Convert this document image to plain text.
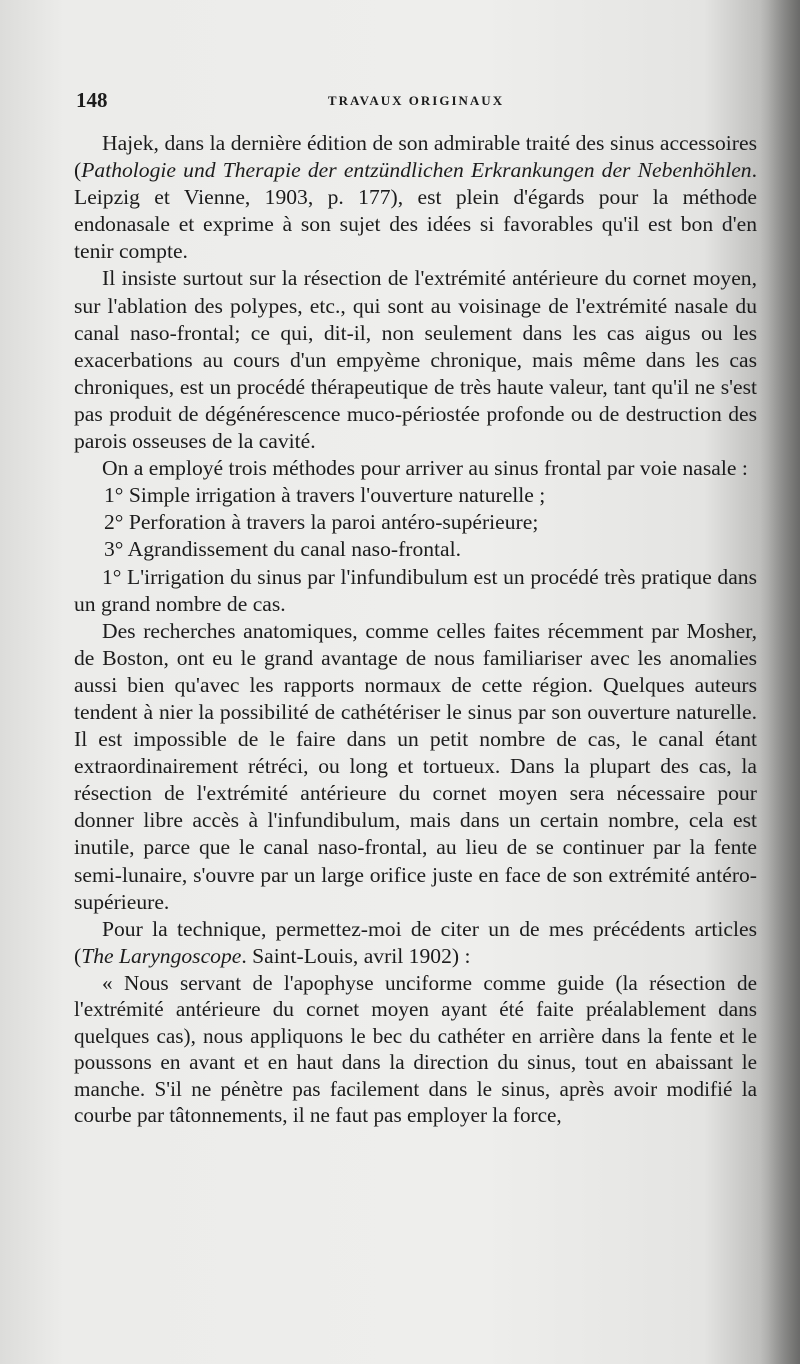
148	TRAVAUX ORIGINAUX

Hajek, dans la dernière édition de son admirable traité des sinus accessoires (Pathologie und Therapie der entzündlichen Erkrankungen der Nebenhöhlen. Leipzig et Vienne, 1903, p. 177), est plein d'égards pour la méthode endonasale et exprime à son sujet des idées si favorables qu'il est bon d'en tenir compte.

Il insiste surtout sur la résection de l'extrémité antérieure du cornet moyen, sur l'ablation des polypes, etc., qui sont au voisinage de l'extrémité nasale du canal naso-frontal; ce qui, dit-il, non seulement dans les cas aigus ou les exacerbations au cours d'un empyème chronique, mais même dans les cas chroniques, est un procédé thérapeutique de très haute valeur, tant qu'il ne s'est pas produit de dégénérescence muco-périostée profonde ou de destruction des parois osseuses de la cavité.

On a employé trois méthodes pour arriver au sinus frontal par voie nasale :

1° Simple irrigation à travers l'ouverture naturelle ;

2° Perforation à travers la paroi antéro-supérieure;

3° Agrandissement du canal naso-frontal.

1° L'irrigation du sinus par l'infundibulum est un procédé très pratique dans un grand nombre de cas.

Des recherches anatomiques, comme celles faites récemment par Mosher, de Boston, ont eu le grand avantage de nous familiariser avec les anomalies aussi bien qu'avec les rapports normaux de cette région. Quelques auteurs tendent à nier la possibilité de cathétériser le sinus par son ouverture naturelle. Il est impossible de le faire dans un petit nombre de cas, le canal étant extraordinairement rétréci, ou long et tortueux. Dans la plupart des cas, la résection de l'extrémité antérieure du cornet moyen sera nécessaire pour donner libre accès à l'infundibulum, mais dans un certain nombre, cela est inutile, parce que le canal naso-frontal, au lieu de se continuer par la fente semi-lunaire, s'ouvre par un large orifice juste en face de son extrémité antéro-supérieure.

Pour la technique, permettez-moi de citer un de mes précédents articles (The Laryngoscope. Saint-Louis, avril 1902) :

« Nous servant de l'apophyse unciforme comme guide (la résection de l'extrémité antérieure du cornet moyen ayant été faite préalablement dans quelques cas), nous appliquons le bec du cathéter en arrière dans la fente et le poussons en avant et en haut dans la direction du sinus, tout en abaissant le manche. S'il ne pénètre pas facilement dans le sinus, après avoir modifié la courbe par tâtonnements, il ne faut pas employer la force,
